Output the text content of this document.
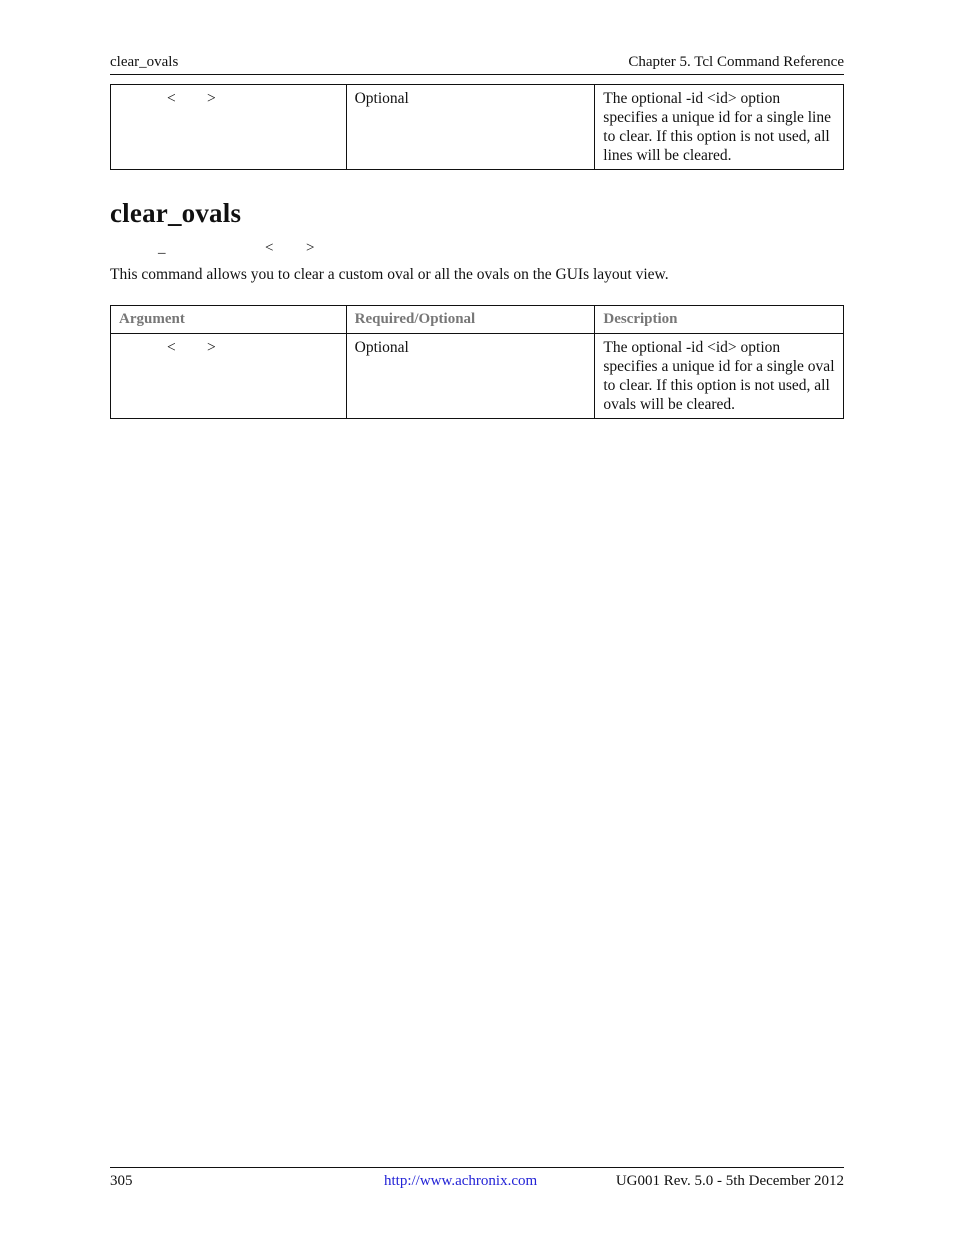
clear_ovals	Chapter 5. Tcl Command Reference
< >	Optional	The optional -id <id> option specifies a unique id for a single line to clear. If this option is not used, all lines will be cleared.
clear_ovals
_	< >
This command allows you to clear a custom oval or all the ovals on the GUIs layout view.
Argument	Required/Optional	Description

< >	Optional	The optional -id <id> option specifies a unique id for a single oval to clear. If this option is not used, all ovals will be cleared.
305	http://www.achronix.com	UG001 Rev. 5.0 - 5th December 2012
